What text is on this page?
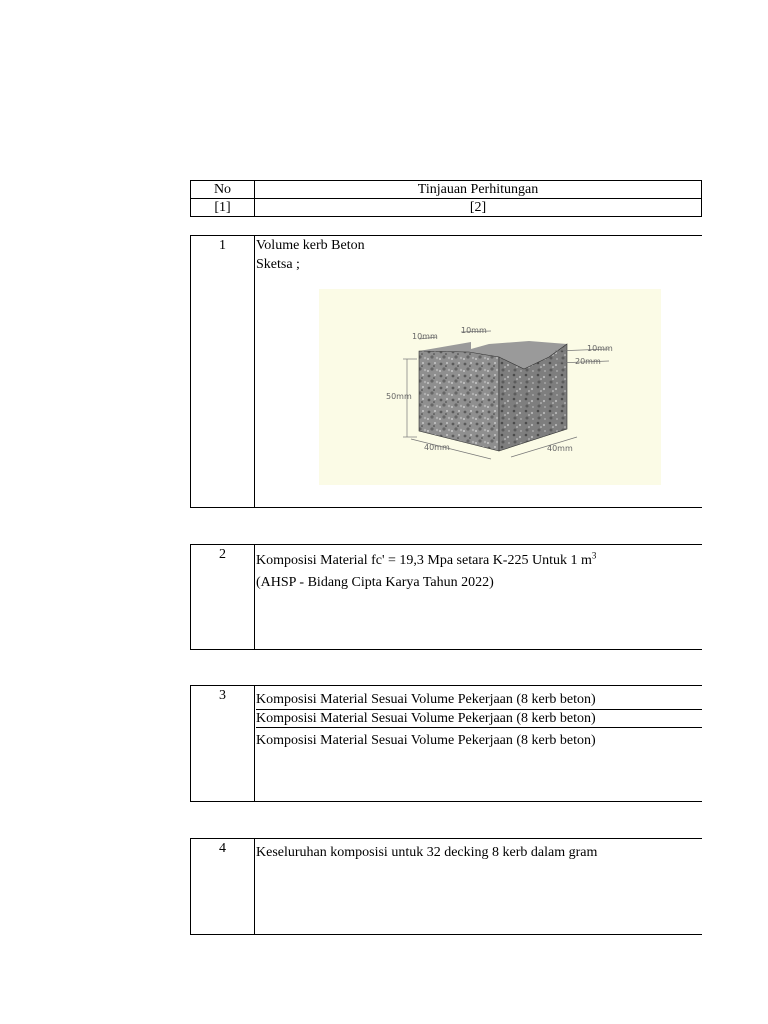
No	Tinjauan Perhitungan
[1]	[2]
1	Volume kerb Beton
Sketsa ;
10mm
10mm
10mm
20mm
50mm
40mm	40mm
2	Komposisi Material fc' = 19,3 Mpa setara K-225 Untuk 1 $m^3$
(AHSP - Bidang Cipta Karya Tahun 2022)
3	Komposisi Material Sesuai Volume Pekerjaan (8 kerb beton)
Komposisi Material Sesuai Volume Pekerjaan (8 kerb beton)
Komposisi Material Sesuai Volume Pekerjaan (8 kerb beton)
4	Keseluruhan komposisi untuk 32 decking 8 kerb dalam gram
